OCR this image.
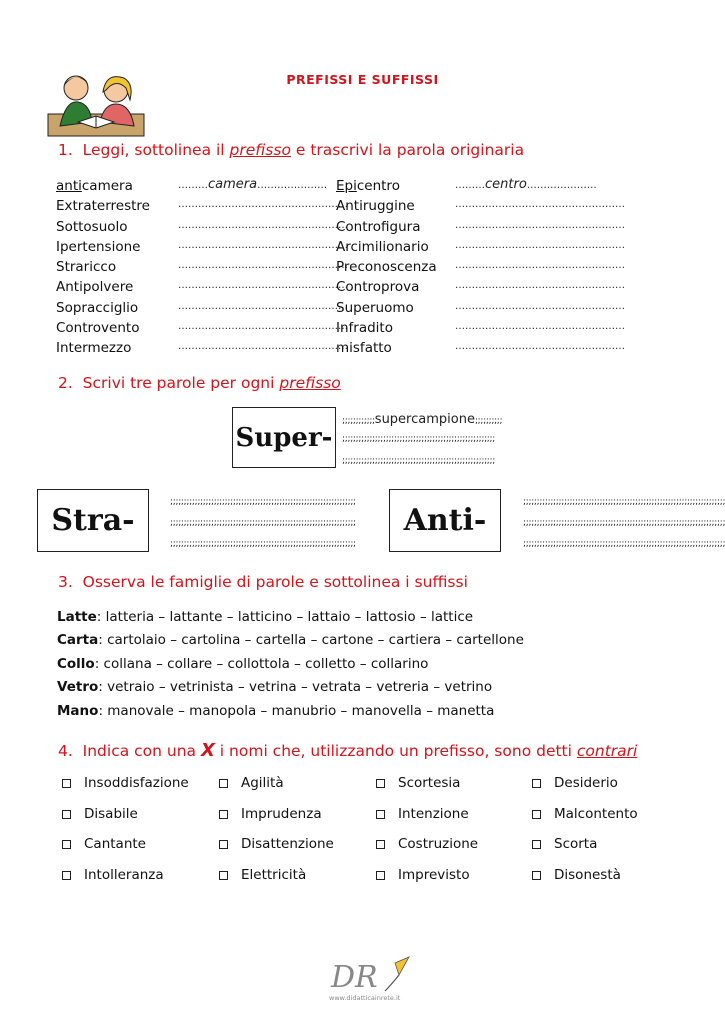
PREFISSI E SUFFISSI
1. Leggi, sottolinea il prefisso e trascrivi la parola originaria
anticamera	………camera…………………
Extraterrestre	……………………………………………
Sottosuolo	……………………………………………
Ipertensione	……………………………………………
Straricco	……………………………………………
Antipolvere	……………………………………………
Sopracciglio	……………………………………………
Controvento	……………………………………………
Intermezzo	……………………………………………
Epicentro	………centro…………………
Antiruggine	……………………………………………
Controfigura	……………………………………………
Arcimilionario	……………………………………………
Preconoscenza ……………………………………………
Controprova	……………………………………………
Superuomo	……………………………………………
Infradito	……………………………………………
misfatto	……………………………………………
2. Scrivi tre parole per ogni prefisso
Super-
;;;;;;;;;;;;supercampione;;;;;;;;;;
;;;;;;;;;;;;;;;;;;;;;;;;;;;;;;;;;;;;;;;;;;;;;;;;;;;;;;;;
;;;;;;;;;;;;;;;;;;;;;;;;;;;;;;;;;;;;;;;;;;;;;;;;;;;;;;;;
Stra-
;;;;;;;;;;;;;;;;;;;;;;;;;;;;;;;;;;;;;;;;;;;;;;;;;;;;;;;;;;;;;;;;;;;;
;;;;;;;;;;;;;;;;;;;;;;;;;;;;;;;;;;;;;;;;;;;;;;;;;;;;;;;;;;;;;;;;;;;;
;;;;;;;;;;;;;;;;;;;;;;;;;;;;;;;;;;;;;;;;;;;;;;;;;;;;;;;;;;;;;;;;;;;;
Anti-
;;;;;;;;;;;;;;;;;;;;;;;;;;;;;;;;;;;;;;;;;;;;;;;;;;;;;;;;;;;;;;;;;;;;;;;;;;
;;;;;;;;;;;;;;;;;;;;;;;;;;;;;;;;;;;;;;;;;;;;;;;;;;;;;;;;;;;;;;;;;;;;;;;;;;
;;;;;;;;;;;;;;;;;;;;;;;;;;;;;;;;;;;;;;;;;;;;;;;;;;;;;;;;;;;;;;;;;;;;;;;;;;
3. Osserva le famiglie di parole e sottolinea i suffissi
Latte: latteria – lattante – latticino – lattaio – lattosio – lattice
Carta: cartolaio – cartolina – cartella – cartone – cartiera – cartellone
Collo: collana – collare – collottola – colletto – collarino
Vetro: vetraio – vetrinista – vetrina – vetrata – vetreria – vetrino
Mano: manovale – manopola – manubrio – manovella – manetta
4. Indica con una X i nomi che, utilizzando un prefisso, sono detti contrari
Insoddisfazione
Disabile
Cantante
Intolleranza
Agilità
Imprudenza
Disattenzione
Elettricità
Scortesia
Intenzione
Costruzione
Imprevisto
Desiderio
Malcontento
Scorta
Disonestà
DR
www.didatticainrete.it
